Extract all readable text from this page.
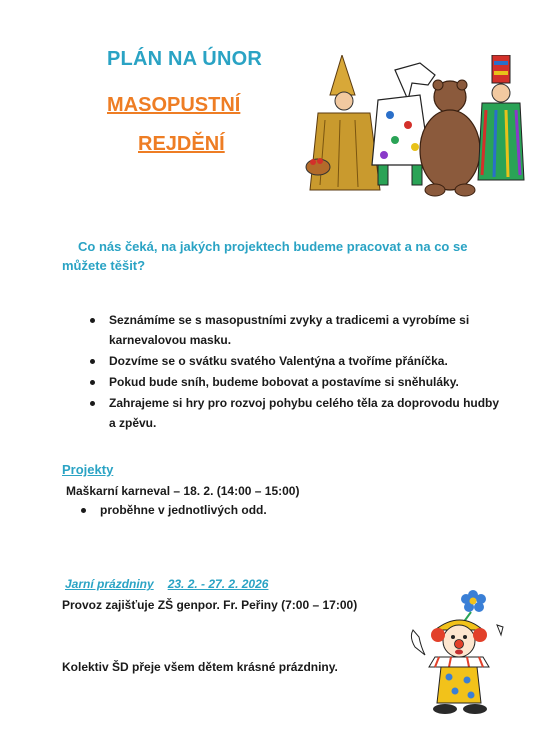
PLÁN NA ÚNOR
MASOPUSTNÍ
REJDĚNÍ
Co nás čeká, na jakých projektech budeme pracovat a na co se můžete těšit?
Seznámíme se s masopustními zvyky a tradicemi a vyrobíme si karnevalovou masku.
Dozvíme se o svátku svatého Valentýna a tvoříme přáníčka.
Pokud bude sníh, budeme bobovat a postavíme si sněhuláky.
Zahrajeme si hry pro rozvoj pohybu celého těla za doprovodu hudby a zpěvu.
Projekty
Maškarní karneval – 18. 2. (14:00 – 15:00)
proběhne v jednotlivých odd.
Jarní prázdniny 23. 2. - 27. 2. 2026
Provoz zajišťuje ZŠ genpor. Fr. Peřiny (7:00 – 17:00)
Kolektiv ŠD přeje všem dětem krásné prázdniny.
